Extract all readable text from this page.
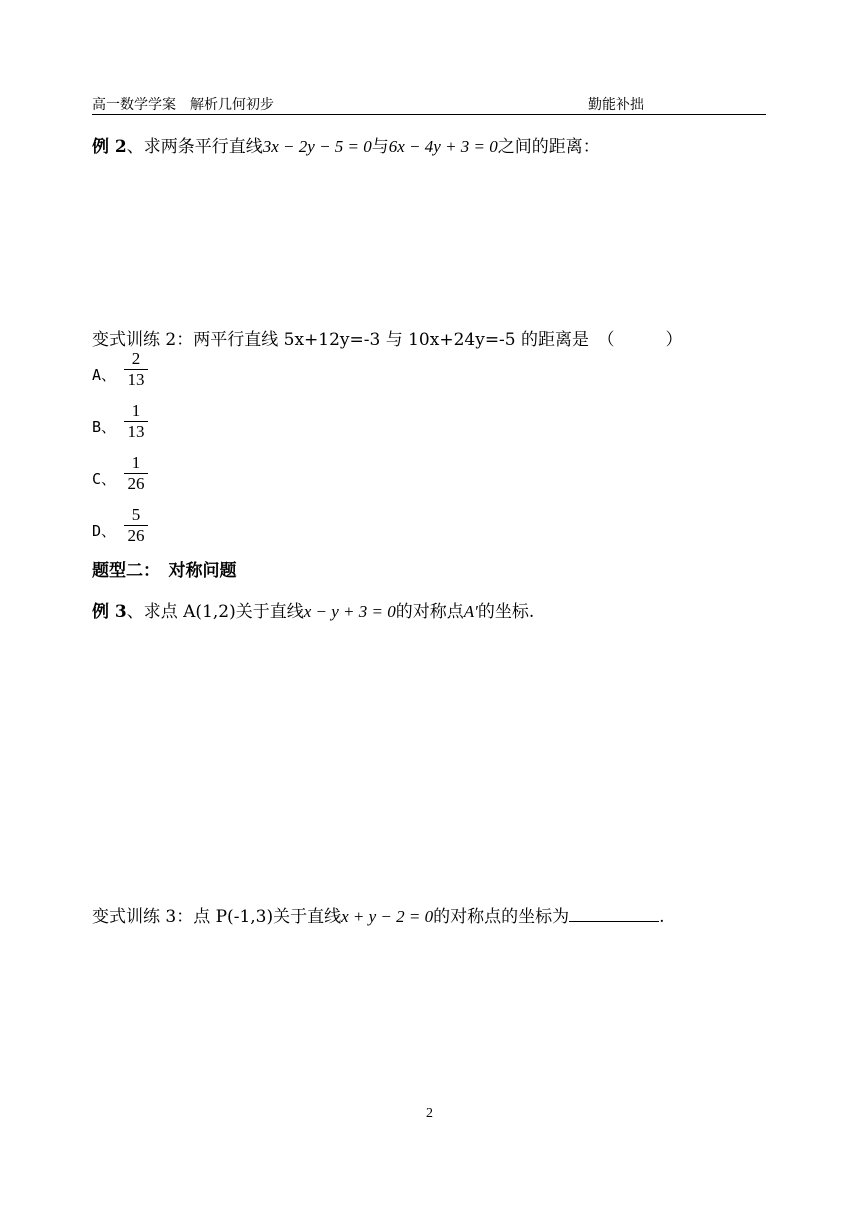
高一数学学案　解析几何初步	勤能补拙
例 2、求两条平行直线3x − 2y − 5 = 0与6x − 4y + 3 = 0之间的距离：
变式训练 2：两平行直线 5x+12y=-3 与 10x+24y=-5 的距离是　（　　　）
A、
2
13
B、
1
13
C、
1
26
D、
5
26
题型二：　对称问题
例 3、求点 A(1,2)关于直线x − y + 3 = 0的对称点A′的坐标.
变式训练 3：点 P(-1,3)关于直线x + y − 2 = 0的对称点的坐标为	.
2
